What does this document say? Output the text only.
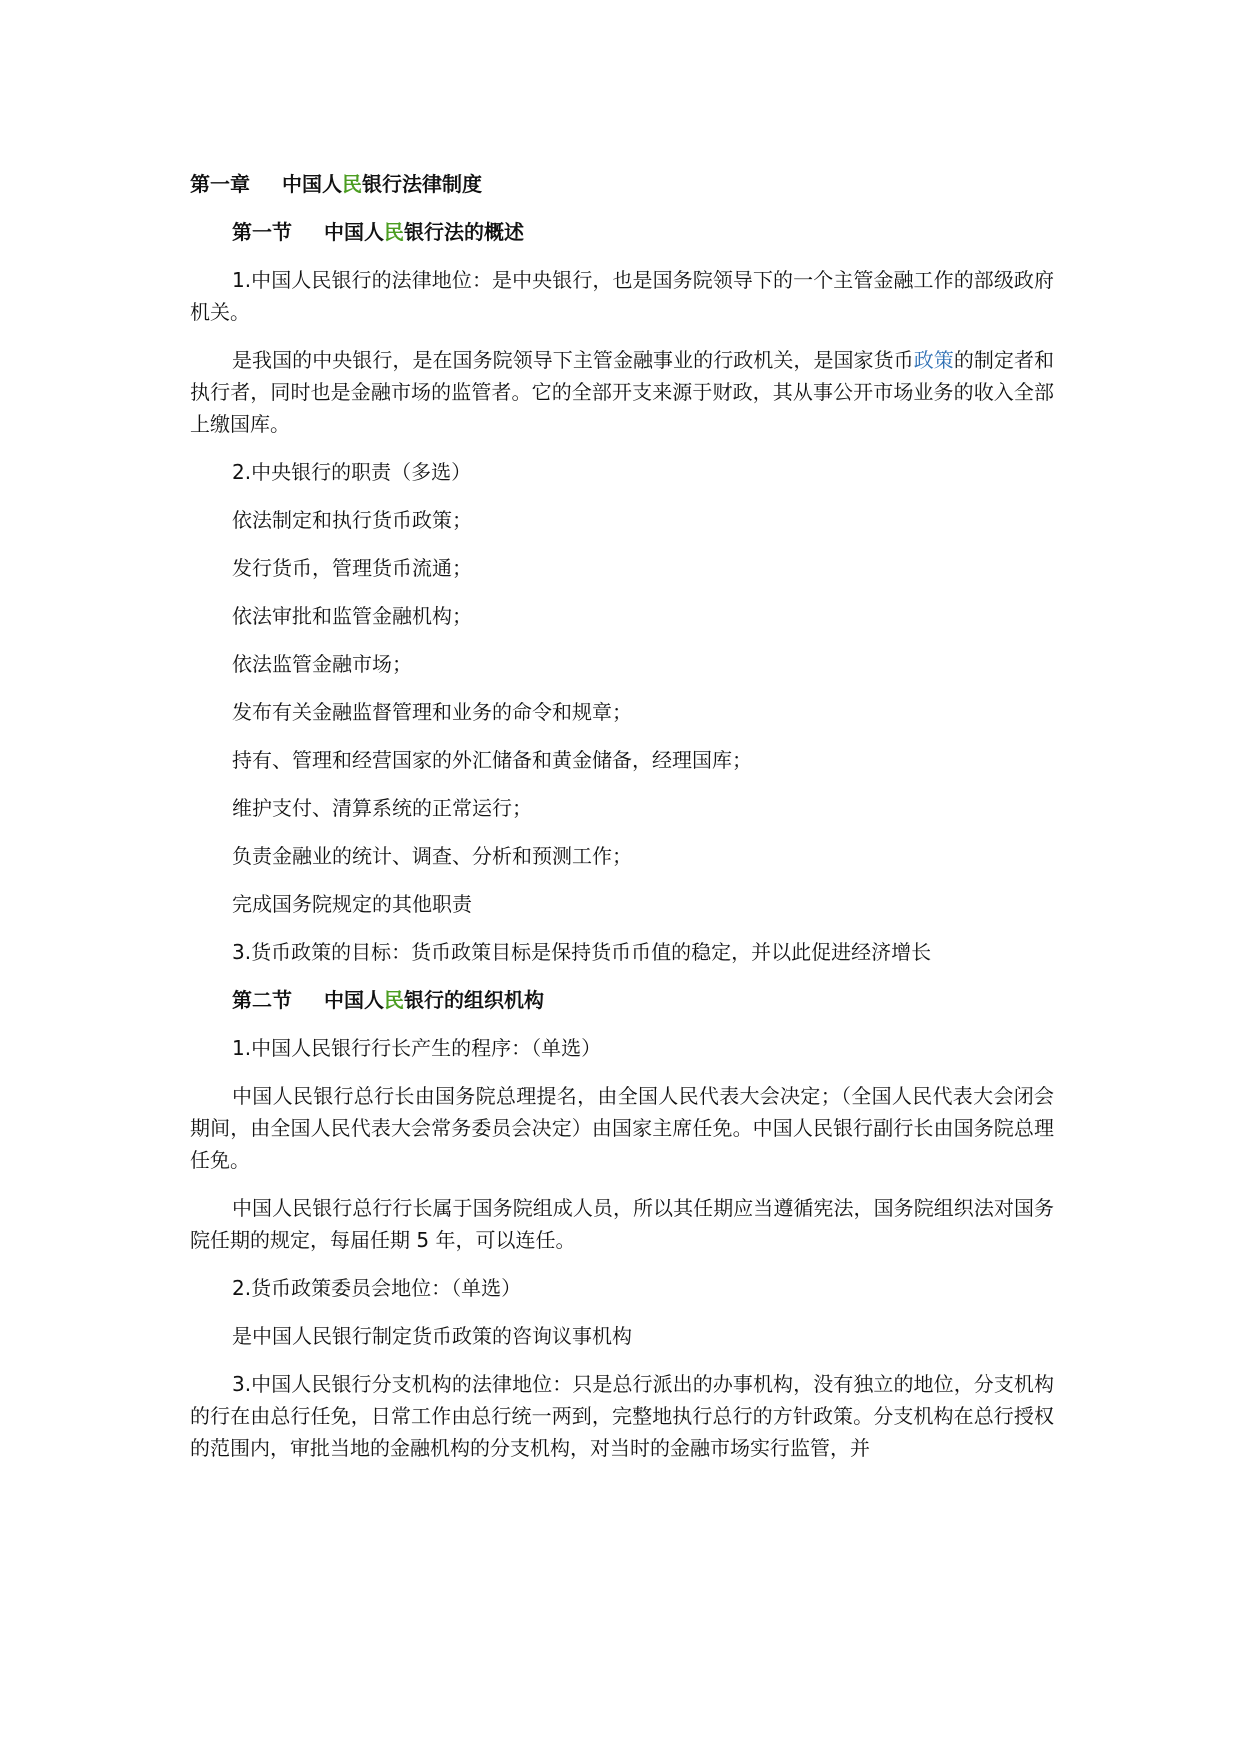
第一章 中国人民银行法律制度
第一节 中国人民银行法的概述

1.中国人民银行的法律地位：是中央银行，也是国务院领导下的一个主管金融工作的部级政府机关。

是我国的中央银行，是在国务院领导下主管金融事业的行政机关，是国家货币政策的制定者和执行者，同时也是金融市场的监管者。它的全部开支来源于财政，其从事公开市场业务的收入全部上缴国库。

2.中央银行的职责（多选）

依法制定和执行货币政策；

发行货币，管理货币流通；

依法审批和监管金融机构；

依法监管金融市场；

发布有关金融监督管理和业务的命令和规章；

持有、管理和经营国家的外汇储备和黄金储备，经理国库；

维护支付、清算系统的正常运行；

负责金融业的统计、调查、分析和预测工作；

完成国务院规定的其他职责

3.货币政策的目标：货币政策目标是保持货币币值的稳定，并以此促进经济增长

第二节 中国人民银行的组织机构

1.中国人民银行行长产生的程序：（单选）

中国人民银行总行长由国务院总理提名，由全国人民代表大会决定；（全国人民代表大会闭会期间，由全国人民代表大会常务委员会决定）由国家主席任免。中国人民银行副行长由国务院总理任免。

中国人民银行总行行长属于国务院组成人员，所以其任期应当遵循宪法，国务院组织法对国务院任期的规定，每届任期 5 年，可以连任。

2.货币政策委员会地位：（单选）

是中国人民银行制定货币政策的咨询议事机构

3.中国人民银行分支机构的法律地位：只是总行派出的办事机构，没有独立的地位，分支机构的行在由总行任免，日常工作由总行统一两到，完整地执行总行的方针政策。分支机构在总行授权的范围内，审批当地的金融机构的分支机构，对当时的金融市场实行监管，并
